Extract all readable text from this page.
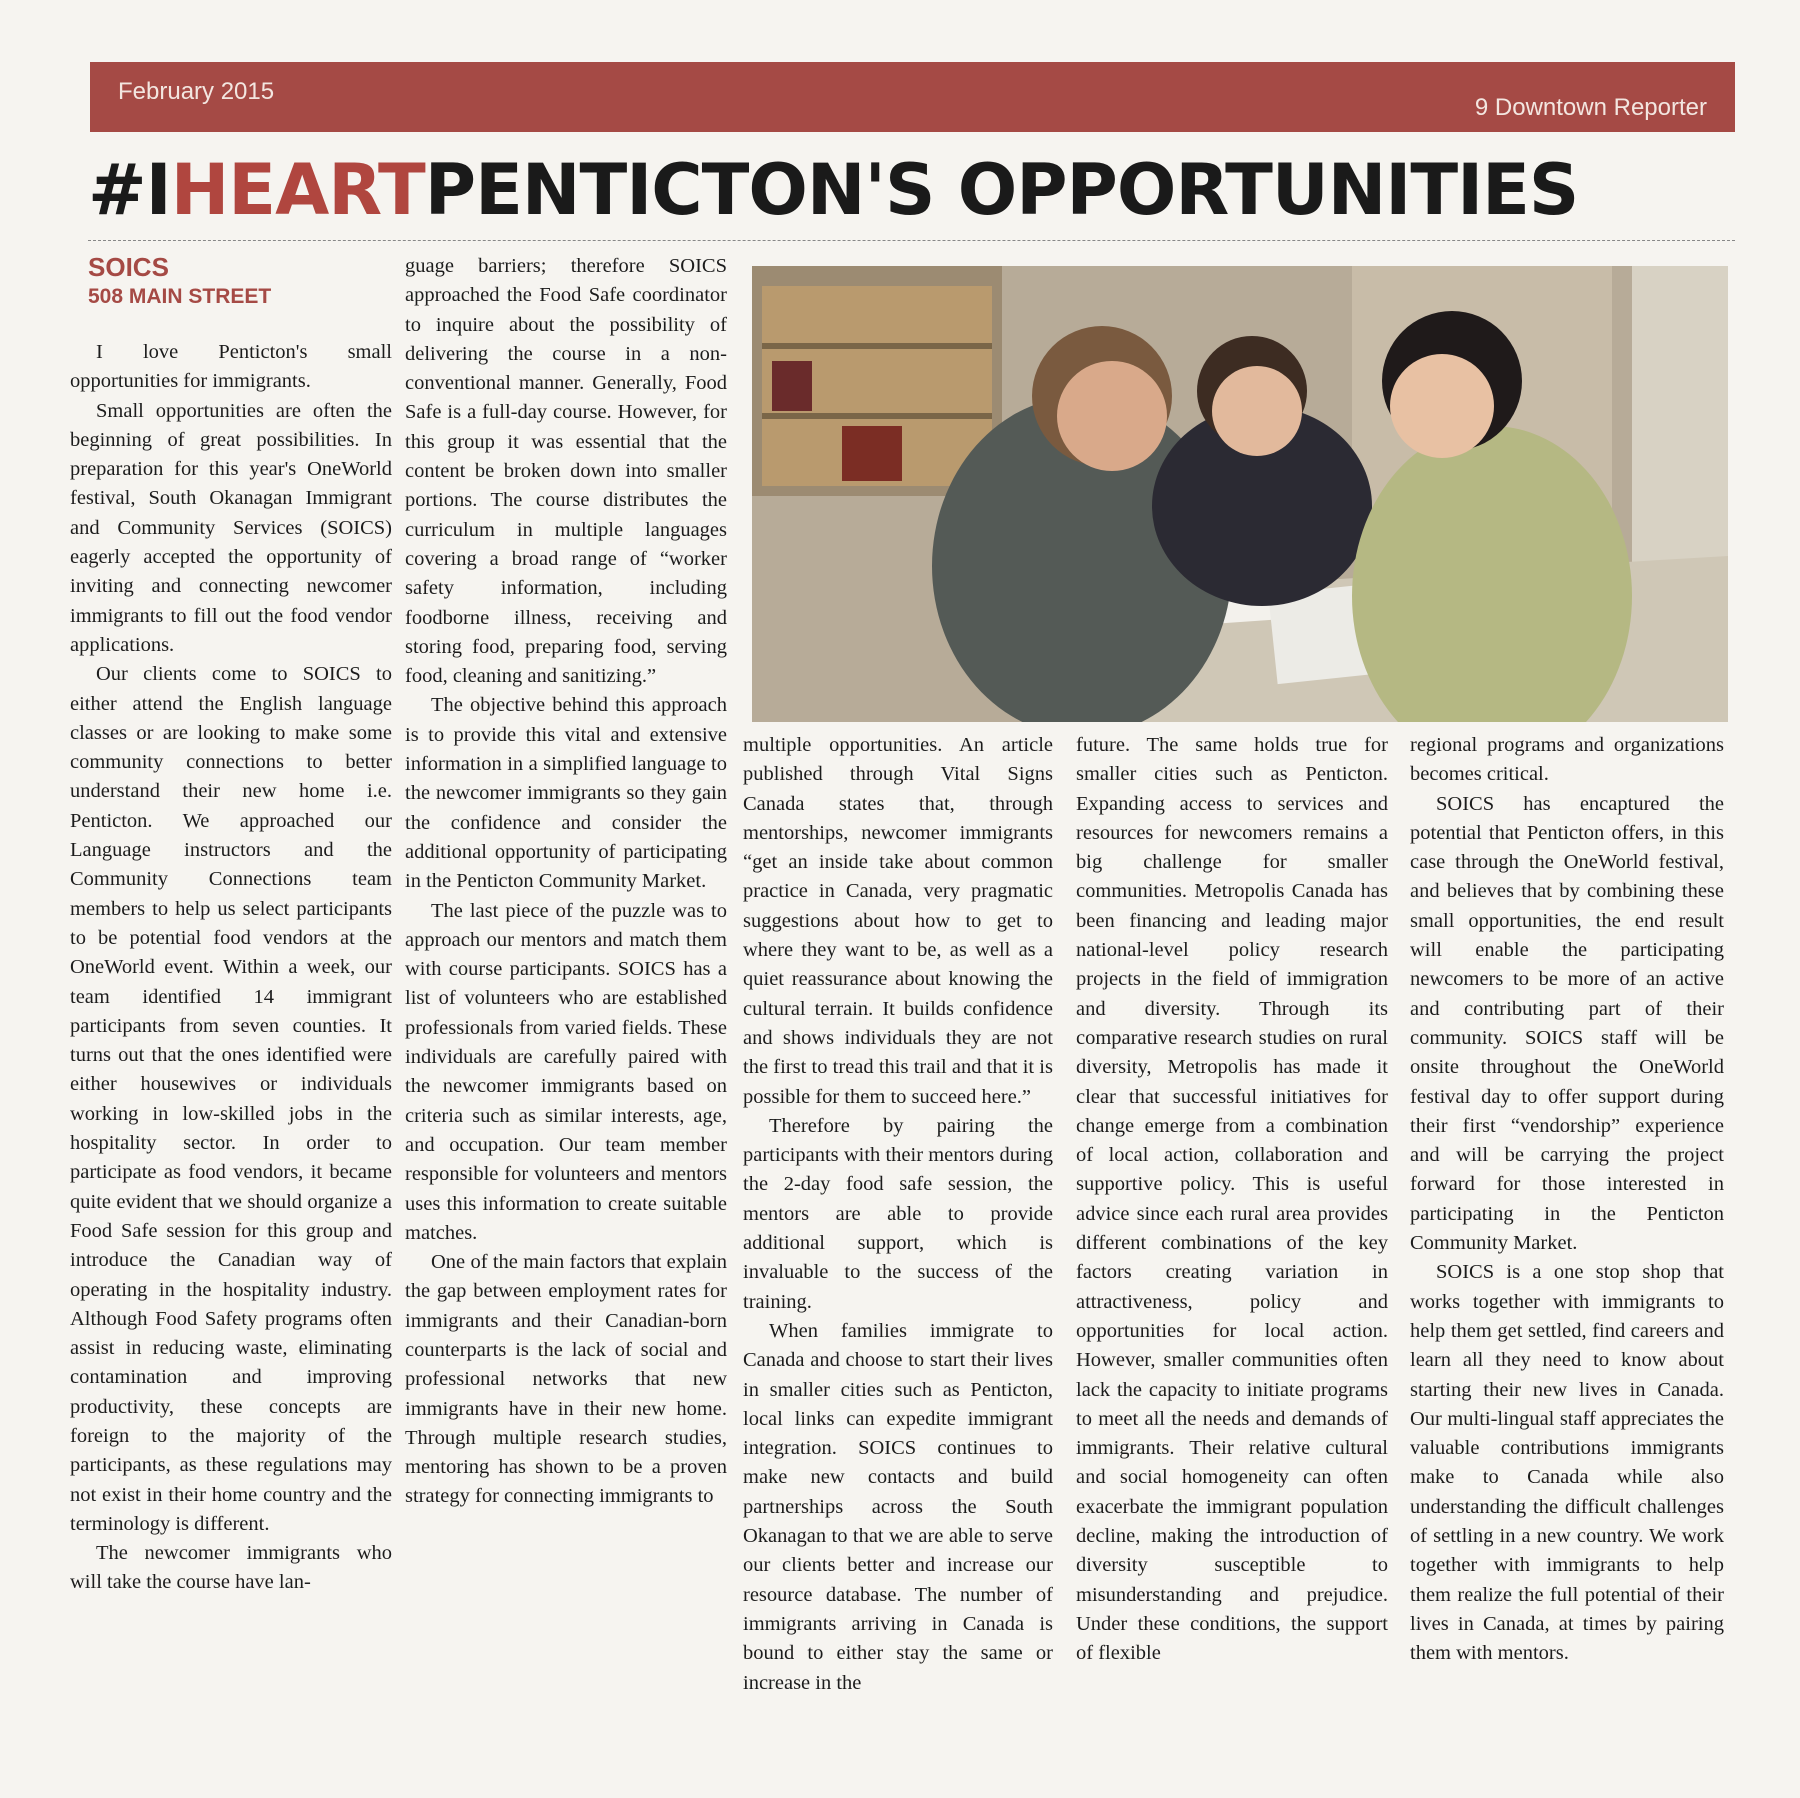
February 2015
9 Downtown Reporter
#IHEARTPENTICTON'S OPPORTUNITIES
SOICS
508 MAIN STREET

I love Penticton's small opportunities for immigrants.

Small opportunities are often the beginning of great possibilities. In preparation for this year's OneWorld festival, South Okanagan Immigrant and Community Services (SOICS) eagerly accepted the opportunity of inviting and connecting newcomer immigrants to fill out the food vendor applications.

Our clients come to SOICS to either attend the English language classes or are looking to make some community connections to better understand their new home i.e. Penticton. We approached our Language instructors and the Community Connections team members to help us select participants to be potential food vendors at the OneWorld event. Within a week, our team identified 14 immigrant participants from seven counties. It turns out that the ones identified were either housewives or individuals working in low-skilled jobs in the hospitality sector. In order to participate as food vendors, it became quite evident that we should organize a Food Safe session for this group and introduce the Canadian way of operating in the hospitality industry. Although Food Safety programs often assist in reducing waste, eliminating contamination and improving productivity, these concepts are foreign to the majority of the participants, as these regulations may not exist in their home country and the terminology is different.

The newcomer immigrants who will take the course have lan-

guage barriers; therefore SOICS approached the Food Safe coordinator to inquire about the possibility of delivering the course in a non-conventional manner. Generally, Food Safe is a full-day course. However, for this group it was essential that the content be broken down into smaller portions. The course distributes the curriculum in multiple languages covering a broad range of “worker safety information, including foodborne illness, receiving and storing food, preparing food, serving food, cleaning and sanitizing.”

The objective behind this approach is to provide this vital and extensive information in a simplified language to the newcomer immigrants so they gain the confidence and consider the additional opportunity of participating in the Penticton Community Market.

The last piece of the puzzle was to approach our mentors and match them with course participants. SOICS has a list of volunteers who are established professionals from varied fields. These individuals are carefully paired with the newcomer immigrants based on criteria such as similar interests, age, and occupation. Our team member responsible for volunteers and mentors uses this information to create suitable matches.

One of the main factors that explain the gap between employment rates for immigrants and their Canadian-born counterparts is the lack of social and professional networks that new immigrants have in their new home. Through multiple research studies, mentoring has shown to be a proven strategy for connecting immigrants to

multiple opportunities. An article published through Vital Signs Canada states that, through mentorships, newcomer immigrants “get an inside take about common practice in Canada, very pragmatic suggestions about how to get to where they want to be, as well as a quiet reassurance about knowing the cultural terrain. It builds confidence and shows individuals they are not the first to tread this trail and that it is possible for them to succeed here.”

Therefore by pairing the participants with their mentors during the 2-day food safe session, the mentors are able to provide additional support, which is invaluable to the success of the training.

When families immigrate to Canada and choose to start their lives in smaller cities such as Penticton, local links can expedite immigrant integration. SOICS continues to make new contacts and build partnerships across the South Okanagan to that we are able to serve our clients better and increase our resource database. The number of immigrants arriving in Canada is bound to either stay the same or increase in the

future. The same holds true for smaller cities such as Penticton. Expanding access to services and resources for newcomers remains a big challenge for smaller communities. Metropolis Canada has been financing and leading major national-level policy research projects in the field of immigration and diversity. Through its comparative research studies on rural diversity, Metropolis has made it clear that successful initiatives for change emerge from a combination of local action, collaboration and supportive policy. This is useful advice since each rural area provides different combinations of the key factors creating variation in attractiveness, policy and opportunities for local action. However, smaller communities often lack the capacity to initiate programs to meet all the needs and demands of immigrants. Their relative cultural and social homogeneity can often exacerbate the immigrant population decline, making the introduction of diversity susceptible to misunderstanding and prejudice. Under these conditions, the support of flexible

regional programs and organizations becomes critical.

SOICS has encaptured the potential that Penticton offers, in this case through the OneWorld festival, and believes that by combining these small opportunities, the end result will enable the participating newcomers to be more of an active and contributing part of their community. SOICS staff will be onsite throughout the OneWorld festival day to offer support during their first “vendorship” experience and will be carrying the project forward for those interested in participating in the Penticton Community Market.

SOICS is a one stop shop that works together with immigrants to help them get settled, find careers and learn all they need to know about starting their new lives in Canada. Our multi-lingual staff appreciates the valuable contributions immigrants make to Canada while also understanding the difficult challenges of settling in a new country. We work together with immigrants to help them realize the full potential of their lives in Canada, at times by pairing them with mentors.
